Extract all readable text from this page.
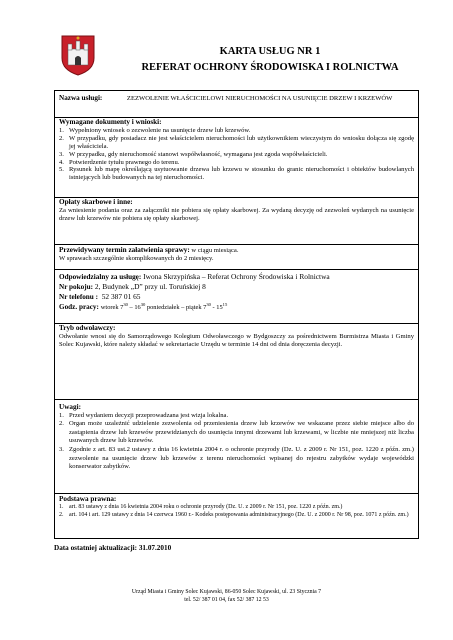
KARTA USŁUG NR 1
REFERAT OCHRONY ŚRODOWISKA I ROLNICTWA
Nazwa usługi:	ZEZWOLENIE WŁAŚCICIELOWI NIERUCHOMOŚCI NA USUNIĘCIE DRZEW I KRZEWÓW
Wymagane dokumenty i wnioski:
1. Wypełniony wniosek o zezwolenie na usunięcie drzew lub krzewów.
2. W przypadku, gdy posiadacz nie jest właścicielem nieruchomości lub użytkownikiem wieczystym do wniosku dołącza się zgodę jej właściciela.
3. W przypadku, gdy nieruchomość stanowi współwłasność, wymagana jest zgoda współwłaścicieli.
4. Potwierdzenie tytułu prawnego do terenu.
5. Rysunek lub mapę określającą usytuowanie drzewa lub krzewu w stosunku do granic nieruchomości i obiektów budowlanych istniejących lub budowanych na tej nieruchomości.
Opłaty skarbowe i inne:
Za wniesienie podania oraz za załączniki nie pobiera się opłaty skarbowej. Za wydaną decyzję od zezwoleń wydanych na usunięcie drzew lub krzewów nie pobiera się opłaty skarbowej.
Przewidywany termin załatwienia sprawy: w ciągu miesiąca.
W sprawach szczególnie skomplikowanych do 2 miesięcy.
Odpowiedzialny za usługę: Iwona Skrzypińska – Referat Ochrony Środowiska i Rolnictwa
Nr pokoju: 2, Budynek „D” przy ul. Toruńskiej 8
Nr telefonu : 52 387 01 65
Godz. pracy: wtorek $7^{30} - 16^{30}$ poniedziałek – piątek $7^{30} - 15^{15}$
Tryb odwoławczy:
Odwołanie wnosi się do Samorządowego Kolegium Odwoławczego w Bydgoszczy za pośrednictwem Burmistrza Miasta i Gminy Solec Kujawski, które należy składać w sekretariacie Urzędu w terminie 14 dni od dnia doręczenia decyzji.
Uwagi:
1. Przed wydaniem decyzji przeprowadzana jest wizja lokalna.
2. Organ może uzależnić udzielenie zezwolenia od przeniesienia drzew lub krzewów we wskazane przez siebie miejsce albo do zastąpienia drzew lub krzewów przewidzianych do usunięcia innymi drzewami lub krzewami, w liczbie nie mniejszej niż liczba usuwanych drzew lub krzewów.
3. Zgodnie z art. 83 ust.2 ustawy z dnia 16 kwietnia 2004 r. o ochronie przyrody (Dz. U. z 2009 r. Nr 151, poz. 1220 z późn. zm.) zezwolenie na usunięcie drzew lub krzewów z terenu nieruchomości wpisanej do rejestru zabytków wydaje wojewódzki konserwator zabytków.
Podstawa prawna:
1. art. 83 ustawy z dnia 16 kwietnia 2004 roku o ochronie przyrody (Dz. U. z 2009 r. Nr 151, poz. 1220 z późn. zm.)
2. art. 104 i art. 129 ustawy z dnia 14 czerwca 1960 r.- Kodeks postępowania administracyjnego (Dz. U. z 2000 r. Nr 98, poz. 1071 z późn. zm.)
Data ostatniej aktualizacji: 31.07.2010
Urząd Miasta i Gminy Solec Kujawski, 86-050 Solec Kujawski, ul. 23 Stycznia 7
tel. 52/ 387 01 04, fax 52/ 387 12 53
